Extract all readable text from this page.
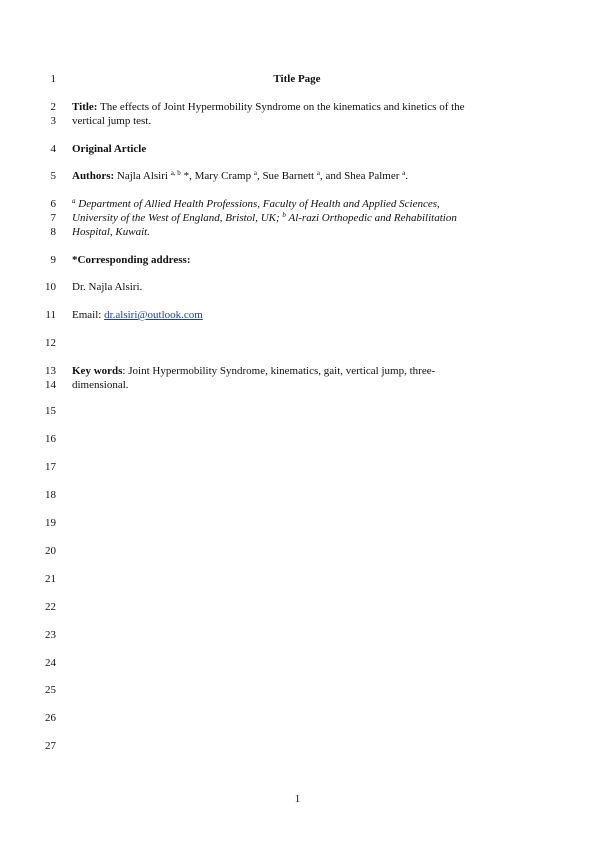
1
2
3
4
5
6
7
8
9
10
11
12
13
14
15
16
17
18
19
20
21
22
23
24
25
26
27
Title Page
Title: The effects of Joint Hypermobility Syndrome on the kinematics and kinetics of the
vertical jump test.
Original Article
Authors: Najla Alsiri $^{a, b}$ *, Mary Cramp $^a$, Sue Barnett $^a$, and Shea Palmer $^a$.
$^a$ Department of Allied Health Professions, Faculty of Health and Applied Sciences,
University of the West of England, Bristol, UK; $^b$ Al-razi Orthopedic and Rehabilitation
Hospital, Kuwait.
*Corresponding address:
Dr. Najla Alsiri.
Email: dr.alsiri@outlook.com
Key words: Joint Hypermobility Syndrome, kinematics, gait, vertical jump, three-
dimensional.
1
